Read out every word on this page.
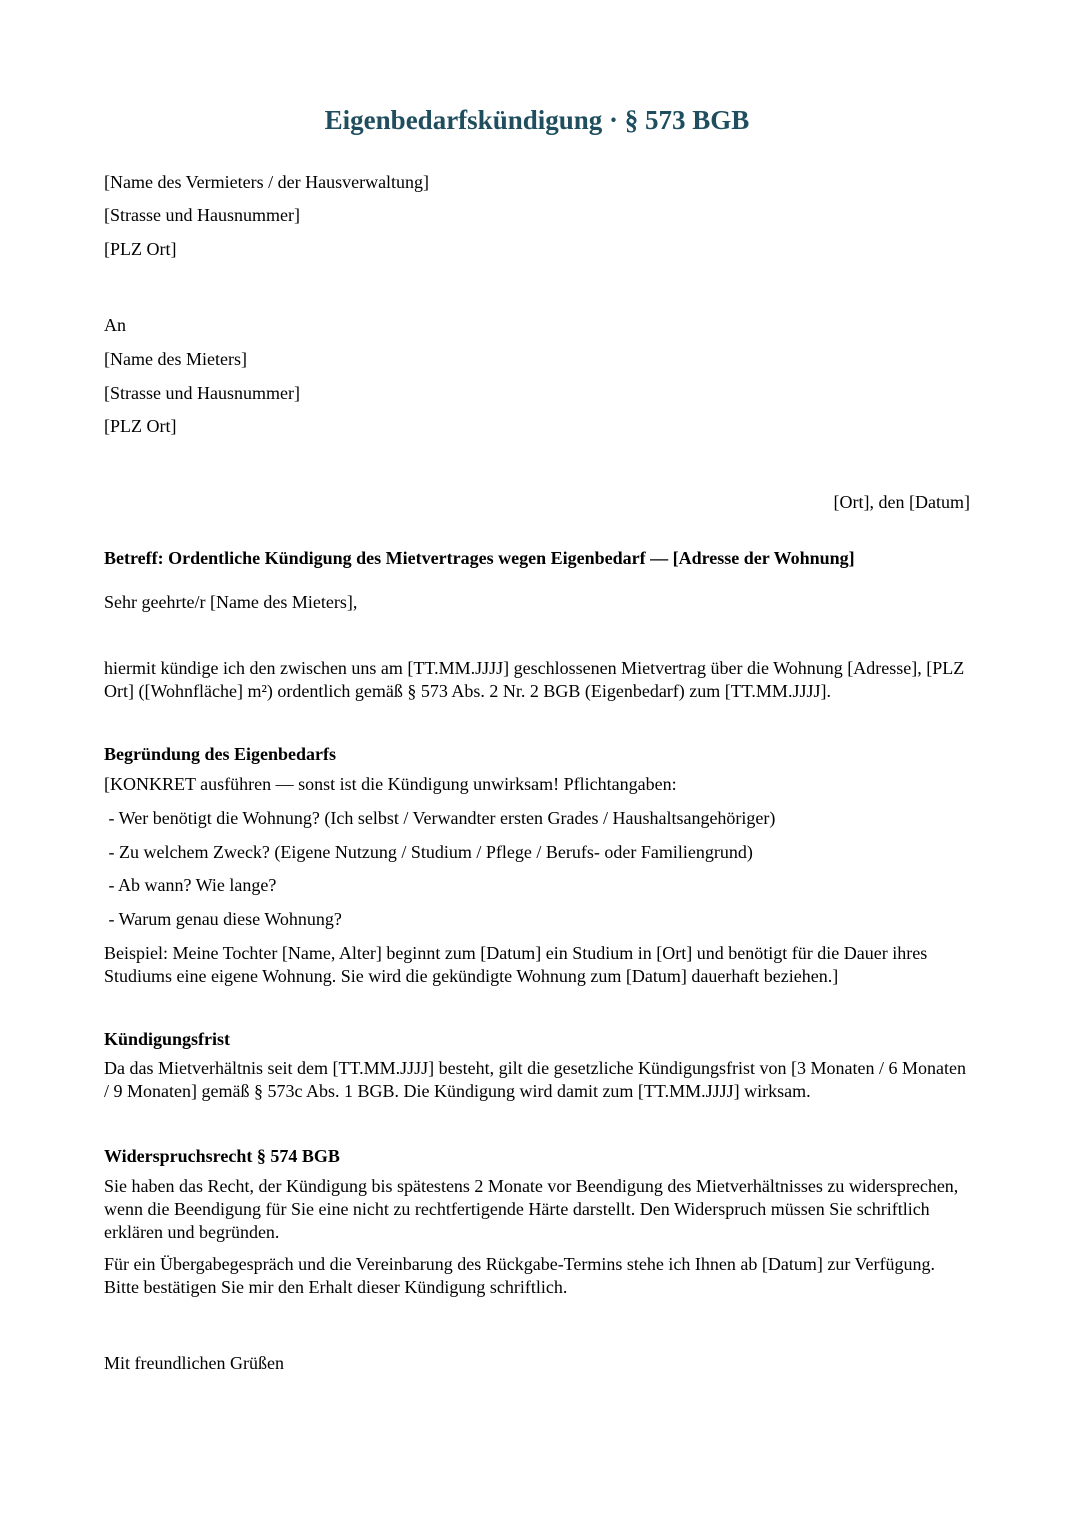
Eigenbedarfskündigung · § 573 BGB

[Name des Vermieters / der Hausverwaltung]

[Strasse und Hausnummer]

[PLZ Ort]

An

[Name des Mieters]

[Strasse und Hausnummer]

[PLZ Ort]

[Ort], den [Datum]

Betreff: Ordentliche Kündigung des Mietvertrages wegen Eigenbedarf — [Adresse der Wohnung]

Sehr geehrte/r [Name des Mieters],

hiermit kündige ich den zwischen uns am [TT.MM.JJJJ] geschlossenen Mietvertrag über die Wohnung [Adresse], [PLZ Ort] ([Wohnfläche] m²) ordentlich gemäß § 573 Abs. 2 Nr. 2 BGB (Eigenbedarf) zum [TT.MM.JJJJ].

Begründung des Eigenbedarfs

[KONKRET ausführen — sonst ist die Kündigung unwirksam! Pflichtangaben:

- Wer benötigt die Wohnung? (Ich selbst / Verwandter ersten Grades / Haushaltsangehöriger)

- Zu welchem Zweck? (Eigene Nutzung / Studium / Pflege / Berufs- oder Familiengrund)

- Ab wann? Wie lange?

- Warum genau diese Wohnung?

Beispiel: Meine Tochter [Name, Alter] beginnt zum [Datum] ein Studium in [Ort] und benötigt für die Dauer ihres Studiums eine eigene Wohnung. Sie wird die gekündigte Wohnung zum [Datum] dauerhaft beziehen.]

Kündigungsfrist

Da das Mietverhältnis seit dem [TT.MM.JJJJ] besteht, gilt die gesetzliche Kündigungsfrist von [3 Monaten / 6 Monaten / 9 Monaten] gemäß § 573c Abs. 1 BGB. Die Kündigung wird damit zum [TT.MM.JJJJ] wirksam.

Widerspruchsrecht § 574 BGB

Sie haben das Recht, der Kündigung bis spätestens 2 Monate vor Beendigung des Mietverhältnisses zu widersprechen, wenn die Beendigung für Sie eine nicht zu rechtfertigende Härte darstellt. Den Widerspruch müssen Sie schriftlich erklären und begründen.

Für ein Übergabegespräch und die Vereinbarung des Rückgabe-Termins stehe ich Ihnen ab [Datum] zur Verfügung. Bitte bestätigen Sie mir den Erhalt dieser Kündigung schriftlich.

Mit freundlichen Grüßen
